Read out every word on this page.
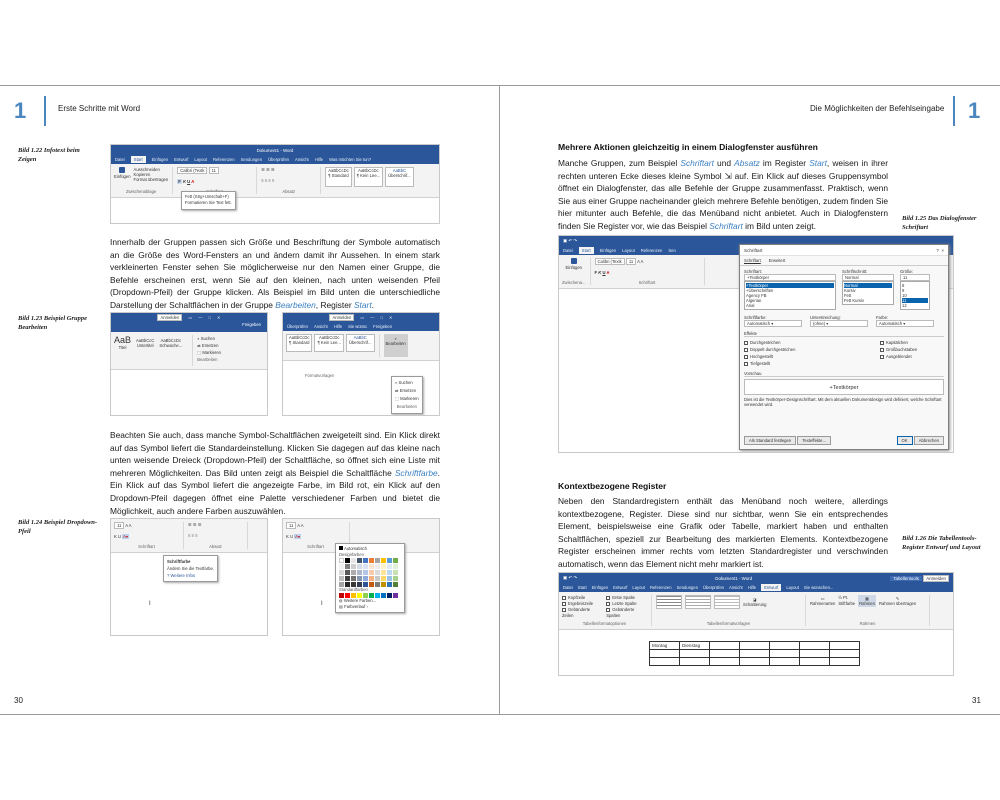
1	Erste Schritte mit Word
Bild 1.22 Infotext beim Zeigen
Dokument1 - Word
Datei	Start	Einfügen Entwurf Layout Referenzen Sendungen Überprüfen Ansicht Hilfe Was möchten Sie tun?

Einfügen
Ausschneiden
Kopieren
Format übertragen
Zwischenablage
Calibri (Textk 11
F K U A
☰ ☰ ☰
≡ ≡ ≡ ≡
Absatz
AaBbCcDc
¶ Standard
AaBbCcDc
¶ Kein Lee...
AaBbC
Überschrif...
Fett (Strg+Umschalt+F)
Formatieren Sie Text fett.
Innerhalb der Gruppen passen sich Größe und Beschriftung der Symbole automatisch an die Größe des Word-Fensters an und ändern damit ihr Aussehen. In einem stark verkleinerten Fenster sehen Sie möglicherweise nur den Namen einer Gruppe, die Befehle erscheinen erst, wenn Sie auf den kleinen, nach unten weisenden Pfeil (Dropdown-Pfeil) der Gruppe klicken. Als Beispiel im Bild unten die unterschiedliche Darstellung der Schaltflächen in der Gruppe Bearbeiten, Register Start.
Bild 1.23 Beispiel Gruppe Bearbeiten
Anmelden	▭ — □ ✕
Freigeben
AaB
Titel
AaBbCcC
Untertitel
AaBbCcDc
Schwache...
⌕ Suchen
⇄ Ersetzen
⬚ Markieren
Bearbeiten
Anmelden	▭ — □ ✕
Überprüfen Ansicht Hilfe Sie wünsc Freigeben
AaBbCcDc
¶ Standard
AaBbCcDc
¶ Kein Lee...
AaBbC
Überschrif...
⌕
Bearbeiten
Formatvorlagen
⌕ Suchen
⇄ Ersetzen
⬚ Markieren
Bearbeiten
Beachten Sie auch, dass manche Symbol-Schaltflächen zweigeteilt sind. Ein Klick direkt auf das Symbol liefert die Standardeinstellung. Klicken Sie dagegen auf das kleine nach unten weisende Dreieck (Dropdown-Pfeil) der Schaltfläche, so öffnet sich eine Liste mit mehreren Möglichkeiten. Das Bild unten zeigt als Beispiel die Schaltfläche Schriftfarbe. Ein Klick auf das Symbol liefert die angezeigte Farbe, im Bild rot, ein Klick auf den Dropdown-Pfeil dagegen öffnet eine Palette verschiedener Farben und bietet die Möglichkeit, auch andere Farben auszuwählen.
Bild 1.24 Beispiel Dropdown-Pfeil
11 A A
K U A▾
Schriftart
☰ ☰ ☰
≡ ≡ ≡
Absatz
Schriftfarbe
Ändern Sie die Textfarbe.
? Weitere Infos
I
11 A A
K U A▾
Schriftart	Automatisch
Designfarben
Standardfarben
◍ Weitere Farben...
▤ Farbverlauf ›
I
30
Die Möglichkeiten der Befehlseingabe 1
Mehrere Aktionen gleichzeitig in einem Dialogfenster ausführen
Manche Gruppen, zum Beispiel Schriftart und Absatz im Register Start, weisen in ihrer rechten unteren Ecke dieses kleine Symbol ⇲ auf. Ein Klick auf dieses Gruppensymbol öffnet ein Dialogfenster, das alle Befehle der Gruppe zusammenfasst. Praktisch, wenn Sie aus einer Gruppe nacheinander gleich mehrere Befehle benötigen, zudem finden Sie hier mitunter auch Befehle, die das Menüband nicht anbietet. Auch in Dialogfenstern finden Sie Register vor, wie das Beispiel Schriftart im Bild unten zeigt.
Bild 1.25 Das Dialogfenster Schriftart
▣
↶
↷
Datei	Start	Einfügen Layout Referenzen Sen

Einfügen
Zwischena...
Calibri (Textk 11 A A
F K U A
Schriftart
Schriftart	? ×
Schriftart Erweitert
Schriftart:
+Textkörper
+Textkörper
+Überschriften
Agency FB
Algerian
Arial
Schriftschnitt:
Normal
Normal
Kursiv
Fett
Fett Kursiv
Größe:
11
8
9
10
11
12
Schriftfarbe:
Automatisch ▾
Unterstreichung:
(ohne) ▾
Farbe:
Automatisch ▾
Effekte
Durchgestrichen
Doppelt durchgestrichen
Hochgestellt
Tiefgestellt
Kapitälchen
Großbuchstaben
Ausgeblendet
Vorschau
+Textkörper
Dies ist die Textkörper-Designschriftart. Mit dem aktuellen Dokumentdesign wird definiert, welche Schriftart verwendet wird.
Als Standard festlegen	Texteffekte...	OK	Abbrechen
Kontextbezogene Register
Neben den Standardregistern enthält das Menüband noch weitere, allerdings kontextbezogene, Register. Diese sind nur sichtbar, wenn Sie ein entsprechendes Element, beispielsweise eine Grafik oder Tabelle, markiert haben und enthalten Schaltflächen, speziell zur Bearbeitung des markierten Elements. Kontextbezogene Register erscheinen immer rechts vom letzten Standardregister und verschwinden automatisch, wenn das Element nicht mehr markiert ist.
Bild 1.26 Die Tabellentools-Register Entwurf und Layout
▣ ↶ ↷	Dokument1 - Word	Tabellentools Anmelden
Datei Start Einfügen Entwurf Layout Referenzen Sendungen Überprüfen Ansicht Hilfe	Entwurf	Layout Sie wünschen...
Kopfzeile
Ergebniszeile
Gebänderte Zeilen
Erste Spalte
Letzte Spalte
Gebänderte Spalten
Tabellenformatoptionen
◪
Schattierung
Tabellenformatvorlagen
▭
Rahmenarten
½ Pt.
Stiftfarbe
▦
Rahmen
✎
Rahmen übertragen
Rahmen
Montag	Dienstag					

31
